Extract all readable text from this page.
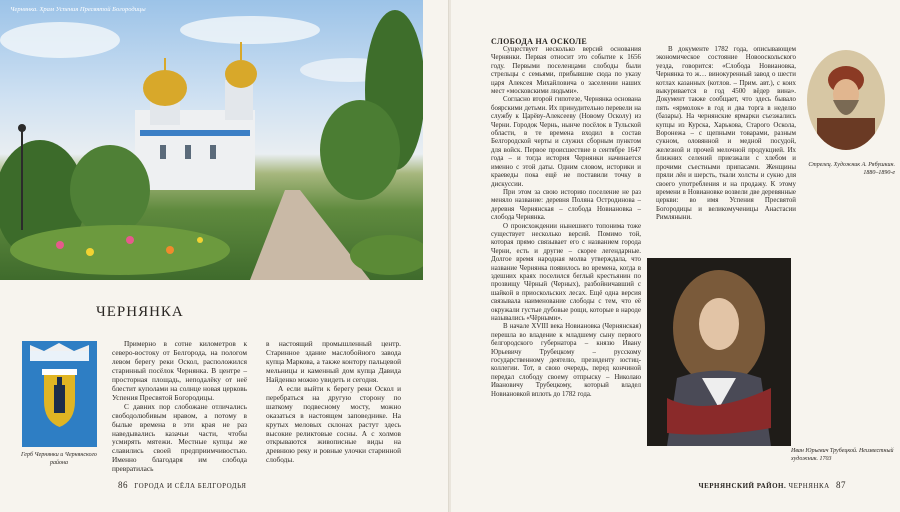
Чернянка. Храм Успения Пресвятой Богородицы
ЧЕРНЯНКА
Герб Чернянки и Чернянского района

Примерно в сотне километров к северо-востоку от Белгорода, на пологом левом берегу реки Оскол, расположился старинный посёлок Чернянка. В центре – просторная площадь, неподалёку от неё блестит куполами на солнце новая церковь Успения Пресвятой Богородицы.

С давних пор слобожане отличались свободолюбивым нравом, а потому в былые времена в эти края не раз наведывались казачьи части, чтобы усмирять мятежи. Местные купцы же славились своей предприимчивостью. Именно благодаря им слобода превратилась

в настоящий промышленный центр. Старинное здание маслобойного завода купца Маркова, а также контору пальцевой мельницы и каменный дом купца Давида Найденко можно увидеть и сегодня.

А если выйти к берегу реки Оскол и перебраться на другую сторону по шаткому подвесному мосту, можно оказаться в настоящем заповеднике. На крутых меловых склонах растут здесь высокие реликтовые сосны. А с холмов открываются живописные виды на древнюю реку и ровные улочки старинной слободы.

86 ГОРОДА И СЁЛА БЕЛГОРОДЬЯ
СЛОБОДА НА ОСКОЛЕ

Существует несколько версий основания Чернянки. Первая относит это событие к 1656 году. Первыми поселенцами слободы были стрельцы с семьями, прибывшие сюда по указу царя Алексея Михайловича о заселении наших мест «московскими людьми».

Согласно второй гипотезе, Чернянка основана боярскими детьми. Их принудительно перевели на службу к Царёву-Алексееву (Новому Осколу) из Черни. Городок Чернь, нынче посёлок в Тульской области, в те времена входил в состав Белгородской черты и служил сборным пунктом для войск. Первое происшествие в сентябре 1647 года – и тогда история Чернянки начинается именно с этой даты. Одним словом, историки и краеведы пока ещё не поставили точку в дискуссии.

При этом за свою историю поселение не раз меняло название: деревня Поляна Остродинова – деревня Чернянская – слобода Новиановка – слобода Чернянка.

О происхождении нынешнего топонима тоже существует несколько версий. Помимо той, которая прямо связывает его с названием города Черни, есть и другие – скорее легендарные. Долгое время народная молва утверждала, что название Чернянка появилось во времена, когда в здешних краях поселился беглый крестьянин по прозвищу Чёрный (Черных), разбойничавший с шайкой в приоскольских лесах. Ещё одна версия связывала наименование слободы с тем, что её окружали густые дубовые рощи, которые в народе назывались «Чёрными».

В начале XVIII века Новиановка (Чернянская) перешла во владение к младшему сыну первого белгородского губернатора – князю Ивану Юрьевичу Трубецкому – русскому государственному деятелю, президенту юстиц-коллегии. Тот, в свою очередь, перед кончиной передал слободу своему отпрыску – Николаю Ивановичу Трубецкому, который владел Новиановкой вплоть до 1782 года.

В документе 1782 года, описывающем экономическое состояние Новооскольского уезда, говорится: «Слобода Новиановка, Чернянка то ж… винокуренный завод о шести котлах казанных (котлов. – Прим. авт.), с коих выкуривается в год 4500 вёдер вина». Документ также сообщает, что здесь бывало пять «ярмолок» в год и два торга в неделю (базары). На чернянские ярмарки съезжались купцы из Курска, Харькова, Старого Оскола, Воронежа – с щепными товарами, разным сукном, оловянной и медной посудой, железной и прочей мелочной продукцией. Их ближних селений приезжали с хлебом и прочими съестными припасами. Женщины пряли лён и шерсть, ткали холсты и сукно для своего употребления и на продажу. К этому времени в Новиановке возвели две деревянные церкви: во имя Успения Пресвятой Богородицы и великомученицы Анастасии Римляныни.

Стрелец. Художник А. Рябушкин. 1880–1890-е
Иван Юрьевич Трубецкой. Неизвестный художник. 1703
ЧЕРНЯНСКИЙ РАЙОН. ЧЕРНЯНКА 87
